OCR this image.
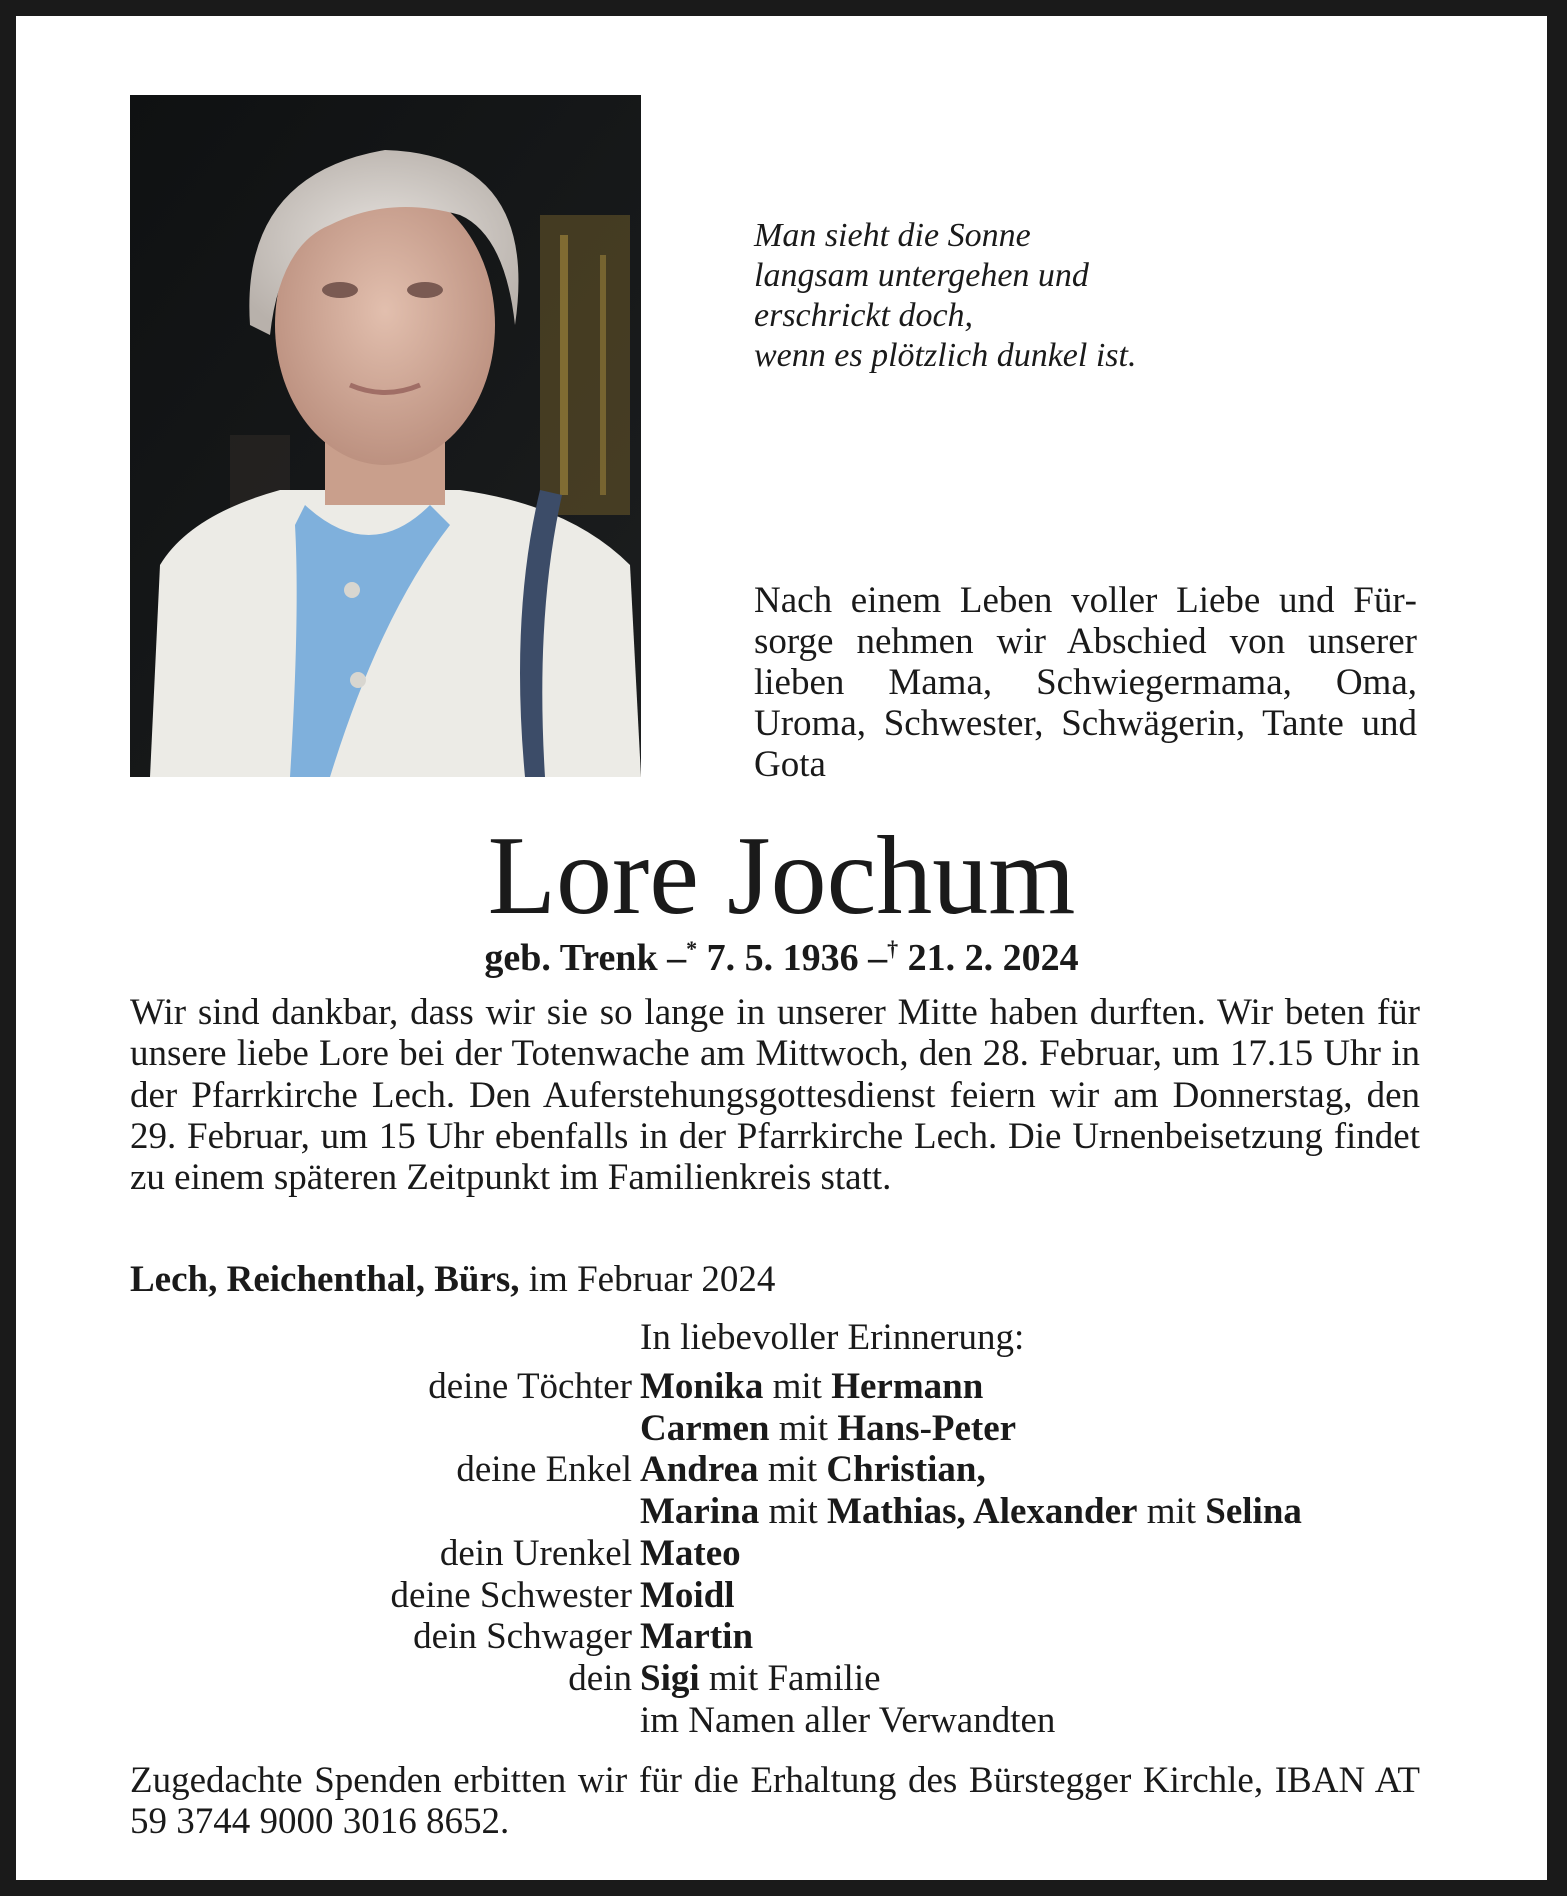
Man sieht die Sonne
langsam untergehen und
erschrickt doch,
wenn es plötzlich dunkel ist.

Nach einem Leben voller Liebe und Fürsorge nehmen wir Abschied von unserer lieben Mama, Schwiegermama, Oma, Uroma, Schwester, Schwägerin, Tante und Gota

Lore Jochum
geb. Trenk –* 7. 5. 1936 –† 21. 2. 2024

Wir sind dankbar, dass wir sie so lange in unserer Mitte haben durften. Wir beten für unsere liebe Lore bei der Totenwache am Mittwoch, den 28. Februar, um 17.15 Uhr in der Pfarrkirche Lech. Den Auferstehungsgottesdienst feiern wir am Donnerstag, den 29. Februar, um 15 Uhr ebenfalls in der Pfarrkirche Lech. Die Urnenbeisetzung findet zu einem späteren Zeitpunkt im Familienkreis statt.

Lech, Reichenthal, Bürs, im Februar 2024
In liebevoller Erinnerung:
deine Töchter Monika mit Hermann
Carmen mit Hans-Peter
deine Enkel Andrea mit Christian,
Marina mit Mathias, Alexander mit Selina
dein Urenkel Mateo
deine Schwester Moidl
dein Schwager Martin
dein Sigi mit Familie
im Namen aller Verwandten

Zugedachte Spenden erbitten wir für die Erhaltung des Bürstegger Kirchle, IBAN AT 59 3744 9000 3016 8652.
